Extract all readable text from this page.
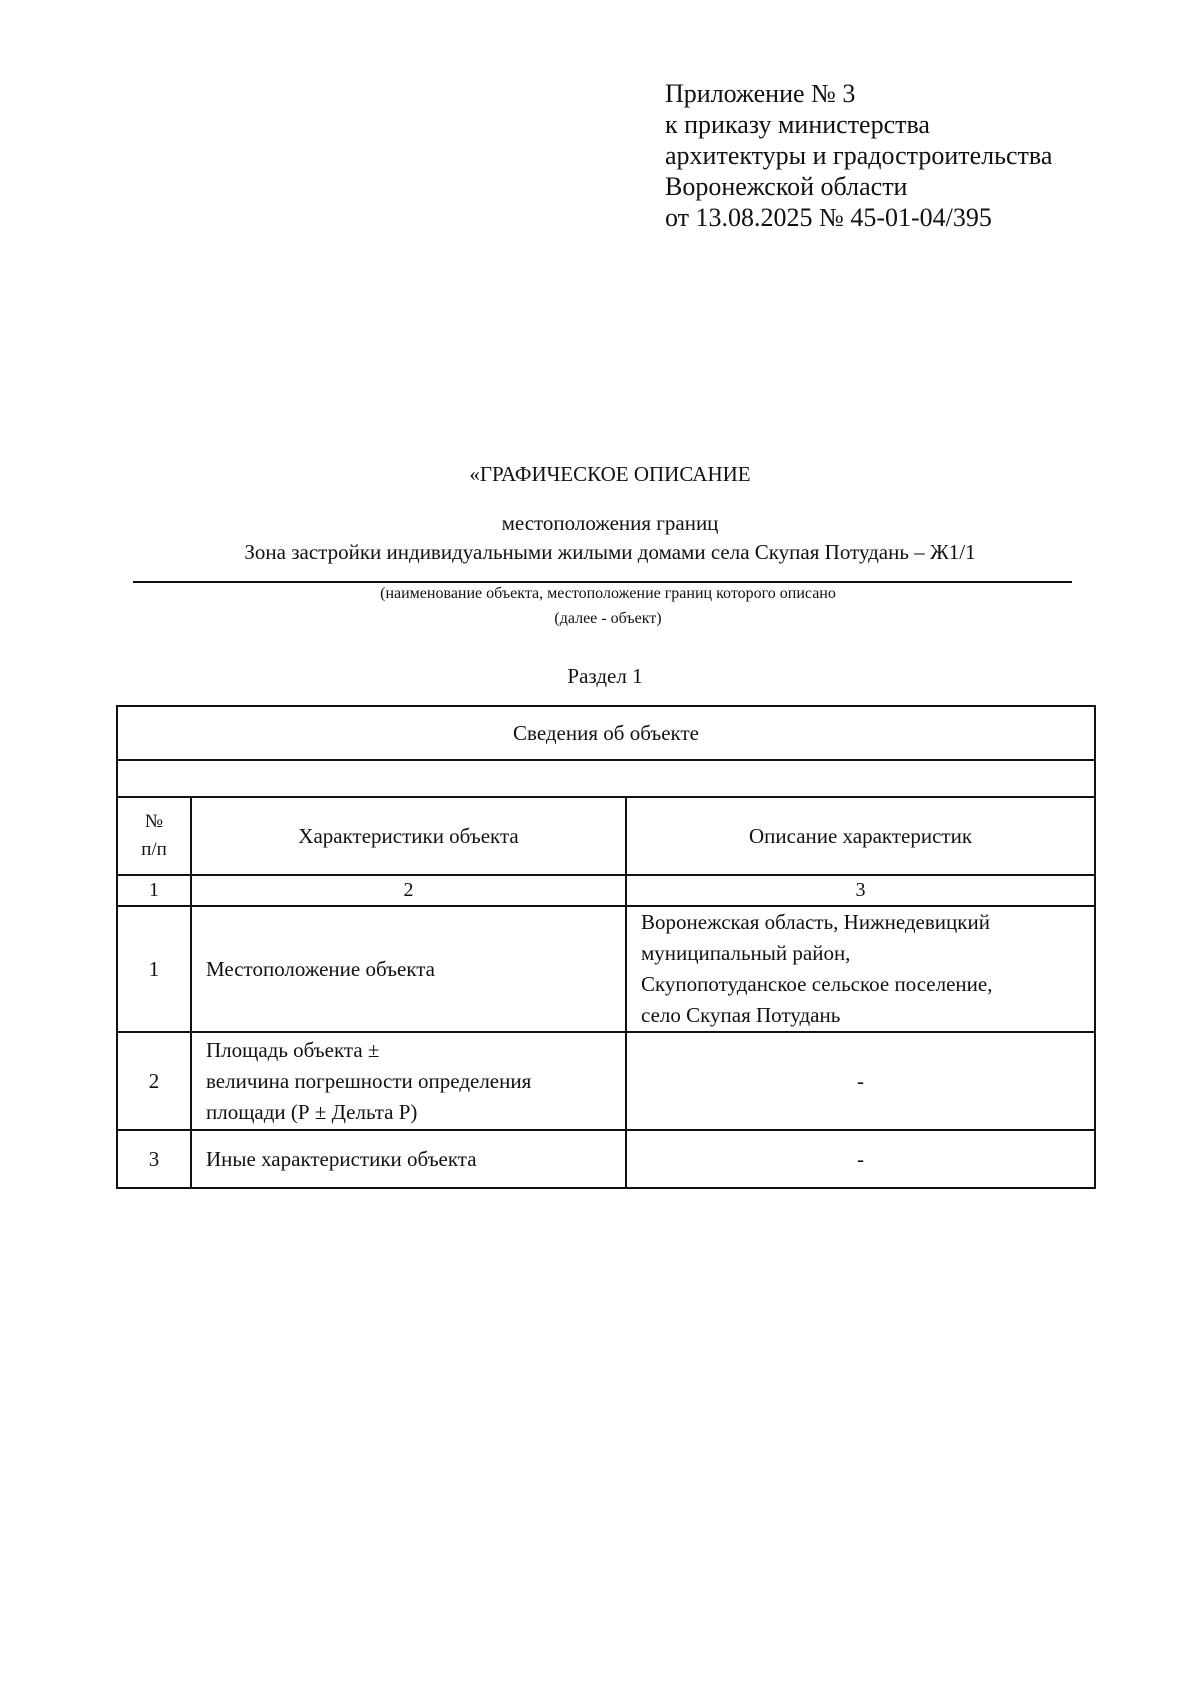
Приложение № 3
к приказу министерства
архитектуры и градостроительства
Воронежской области
от 13.08.2025 № 45-01-04/395
«ГРАФИЧЕСКОЕ ОПИСАНИЕ
местоположения границ
Зона застройки индивидуальными жилыми домами села Скупая Потудань – Ж1/1
(наименование объекта, местоположение границ которого описано
(далее - объект)
Раздел 1
Сведения об объекте		

№
п/п	Характеристики объекта	Описание характеристик
1	2	3
1	Местоположение объекта	Воронежская область, Нижнедевицкий
муниципальный район,
Скупопотуданское сельское поселение,
село Скупая Потудань

2	Площадь объекта ±
величина погрешности определения
площади (Р ± Дельта Р)	-
3	Иные характеристики объекта	-
